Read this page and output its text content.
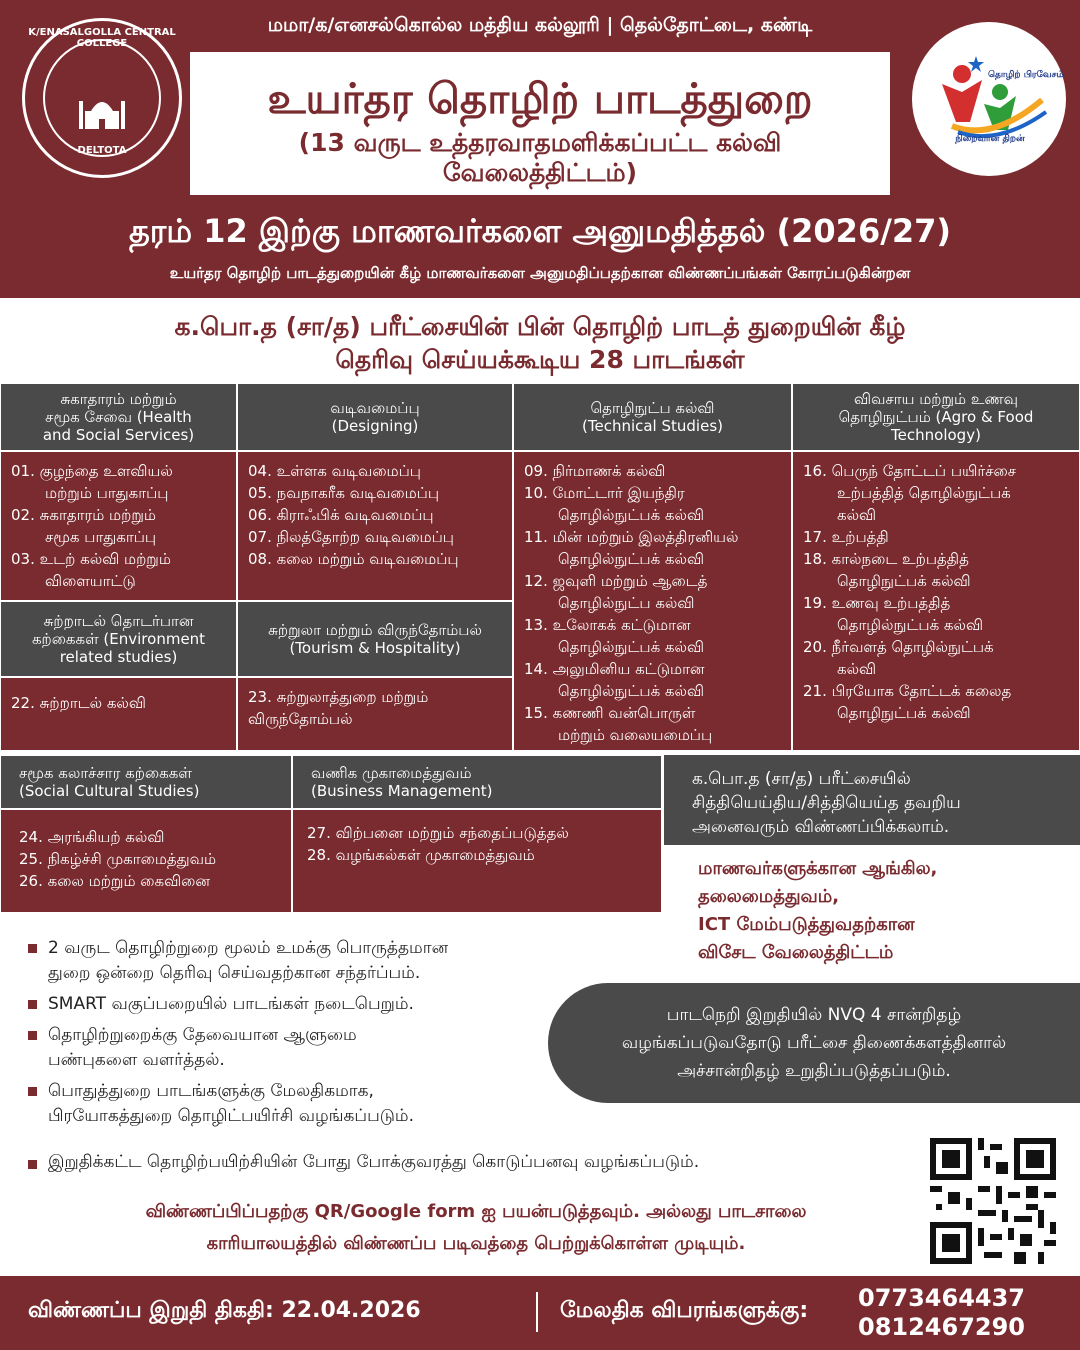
மமா/க/எனசல்கொல்ல மத்திய கல்லூரி | தெல்தோட்டை, கண்டி
உயர்தர தொழிற் பாடத்துறை
(13 வருட உத்தரவாதமளிக்கப்பட்ட கல்வி
வேலைத்திட்டம்)
K/ENASALGOLLA CENTRAL COLLEGE
DELTOTA
தொழிற் பிரவேசம்
நிறைவான திறன்
தரம் 12 இற்கு மாணவர்களை அனுமதித்தல் (2026/27)
உயர்தர தொழிற் பாடத்துறையின் கீழ் மாணவர்களை அனுமதிப்பதற்கான விண்ணப்பங்கள் கோரப்படுகின்றன
க.பொ.த (சா/த) பரீட்சையின் பின் தொழிற் பாடத் துறையின் கீழ்
தெரிவு செய்யக்கூடிய 28 பாடங்கள்
சுகாதாரம் மற்றும்
சமூக சேவை (Health
and Social Services)
வடிவமைப்பு
(Designing)
தொழிநுட்ப கல்வி
(Technical Studies)
விவசாய மற்றும் உணவு
தொழிநுட்பம் (Agro & Food
Technology)
01. குழந்தை உளவியல்
மற்றும் பாதுகாப்பு
02. சுகாதாரம் மற்றும்
சமூக பாதுகாப்பு
03. உடற் கல்வி மற்றும்
விளையாட்டு
04. உள்ளக வடிவமைப்பு
05. நவநாகரீக வடிவமைப்பு
06. கிராஃபிக் வடிவமைப்பு
07. நிலத்தோற்ற வடிவமைப்பு
08. கலை மற்றும் வடிவமைப்பு
09. நிர்மாணக் கல்வி
10. மோட்டார் இயந்திர
தொழில்நுட்பக் கல்வி
11. மின் மற்றும் இலத்திரனியல்
தொழில்நுட்பக் கல்வி
12. ஜவுளி மற்றும் ஆடைத்
தொழில்நுட்ப கல்வி
13. உலோகக் கட்டுமான
தொழில்நுட்பக் கல்வி
14. அலுமினிய கட்டுமான
தொழில்நுட்பக் கல்வி
15. கணணி வன்பொருள்
மற்றும் வலையமைப்பு
16. பெருந் தோட்டப் பயிர்ச்சை
உற்பத்தித் தொழில்நுட்பக்
கல்வி
17. உற்பத்தி
18. கால்நடை உற்பத்தித்
தொழிநுட்பக் கல்வி
19. உணவு உற்பத்தித்
தொழில்நுட்பக் கல்வி
20. நீர்வளத் தொழில்நுட்பக்
கல்வி
21. பிரயோக தோட்டக் கலைத
தொழிநுட்பக் கல்வி
சுற்றாடல் தொடர்பான
கற்கைகள் (Environment
related studies)
சுற்றுலா மற்றும் விருந்தோம்பல்
(Tourism & Hospitality)
22. சுற்றாடல் கல்வி	23. சுற்றுலாத்துறை மற்றும்
விருந்தோம்பல்
சமூக கலாச்சார கற்கைகள்
(Social Cultural Studies)
வணிக முகாமைத்துவம்
(Business Management)
24. அரங்கியற் கல்வி
25. நிகழ்ச்சி முகாமைத்துவம்
26. கலை மற்றும் கைவினை
27. விற்பனை மற்றும் சந்தைப்படுத்தல்
28. வழங்கல்கள் முகாமைத்துவம்
க.பொ.த (சா/த) பரீட்சையில்
சித்தியெய்திய/சித்தியெய்த தவறிய
அனைவரும் விண்ணப்பிக்கலாம்.
மாணவர்களுக்கான ஆங்கில,
தலைமைத்துவம்,
ICT மேம்படுத்துவதற்கான
விசேட வேலைத்திட்டம்
2 வருட தொழிற்றுறை மூலம் உமக்கு பொருத்தமான
துறை ஒன்றை தெரிவு செய்வதற்கான சந்தர்ப்பம்.
SMART வகுப்பறையில் பாடங்கள் நடைபெறும்.
தொழிற்றுறைக்கு தேவையான ஆளுமை
பண்புகளை வளர்த்தல்.
பொதுத்துறை பாடங்களுக்கு மேலதிகமாக,
பிரயோகத்துறை தொழிட்பயிர்சி வழங்கப்படும்.
இறுதிக்கட்ட தொழிற்பயிற்சியின் போது போக்குவரத்து கொடுப்பனவு வழங்கப்படும்.
பாடநெறி இறுதியில் NVQ 4 சான்றிதழ்
வழங்கப்படுவதோடு பரீட்சை திணைக்களத்தினால்
அச்சான்றிதழ் உறுதிப்படுத்தப்படும்.
விண்ணப்பிப்பதற்கு QR/Google form ஐ பயன்படுத்தவும். அல்லது பாடசாலை
காரியாலயத்தில் விண்ணப்ப படிவத்தை பெற்றுக்கொள்ள முடியும்.
விண்ணப்ப இறுதி திகதி: 22.04.2026	மேலதிக விபரங்களுக்கு: 0773464437
0812467290
